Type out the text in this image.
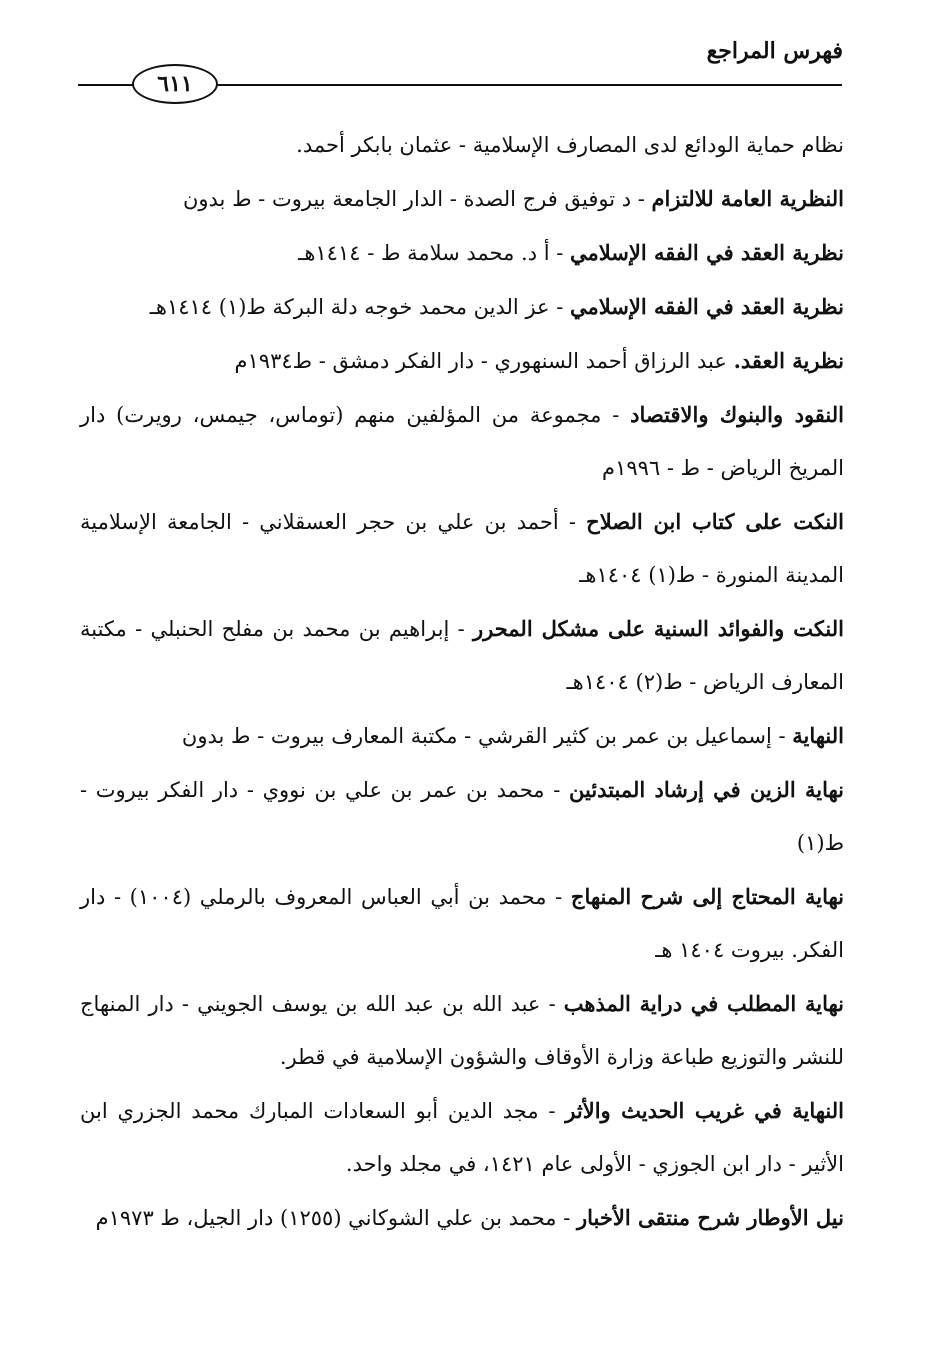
فهرس المراجع
٦١١

نظام حماية الودائع لدى المصارف الإسلامية - عثمان بابكر أحمد.

النظرية العامة للالتزام - د توفيق فرج الصدة - الدار الجامعة بيروت - ط بدون

نظرية العقد في الفقه الإسلامي - أ د. محمد سلامة ط - ١٤١٤هـ

نظرية العقد في الفقه الإسلامي - عز الدين محمد خوجه دلة البركة ط(١) ١٤١٤هـ

نظرية العقد. عبد الرزاق أحمد السنهوري - دار الفكر دمشق - ط١٩٣٤م

النقود والبنوك والاقتصاد - مجموعة من المؤلفين منهم (توماس، جيمس، رويرت) دار المريخ الرياض - ط - ١٩٩٦م

النكت على كتاب ابن الصلاح - أحمد بن علي بن حجر العسقلاني - الجامعة الإسلامية المدينة المنورة - ط(١) ١٤٠٤هـ

النكت والفوائد السنية على مشكل المحرر - إبراهيم بن محمد بن مفلح الحنبلي - مكتبة المعارف الرياض - ط(٢) ١٤٠٤هـ

النهاية - إسماعيل بن عمر بن كثير القرشي - مكتبة المعارف بيروت - ط بدون

نهاية الزين في إرشاد المبتدئين - محمد بن عمر بن علي بن نووي - دار الفكر بيروت - ط(١)

نهاية المحتاج إلى شرح المنهاج - محمد بن أبي العباس المعروف بالرملي (١٠٠٤) - دار الفكر. بيروت ١٤٠٤ هـ

نهاية المطلب في دراية المذهب - عبد الله بن عبد الله بن يوسف الجويني - دار المنهاج للنشر والتوزيع طباعة وزارة الأوقاف والشؤون الإسلامية في قطر.

النهاية في غريب الحديث والأثر - مجد الدين أبو السعادات المبارك محمد الجزري ابن الأثير - دار ابن الجوزي - الأولى عام ١٤٢١، في مجلد واحد.

نيل الأوطار شرح منتقى الأخبار - محمد بن علي الشوكاني (١٢٥٥) دار الجيل، ط ١٩٧٣م
